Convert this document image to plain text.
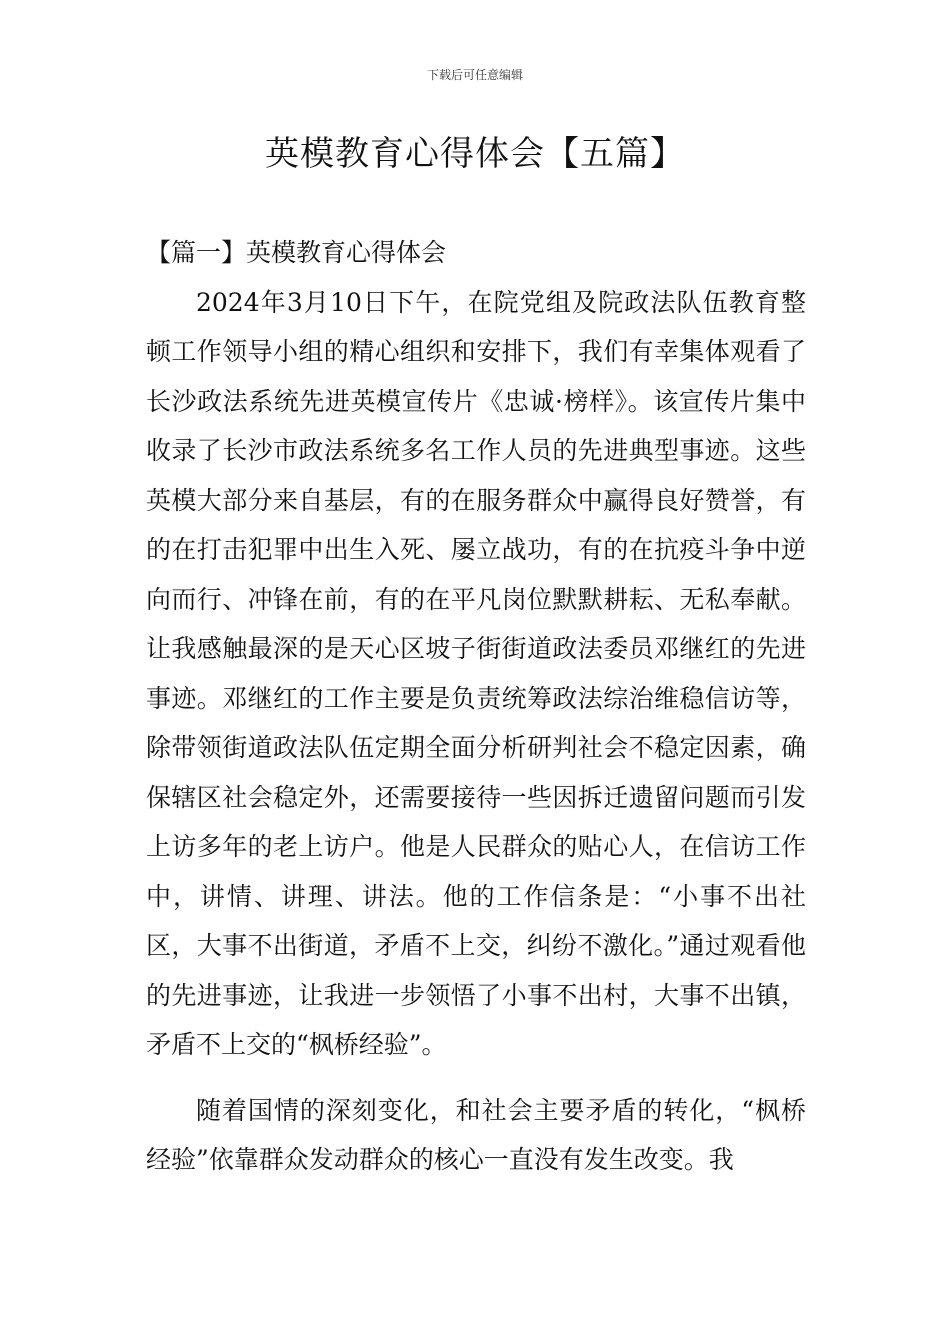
下载后可任意编辑
英模教育心得体会【五篇】

【篇一】英模教育心得体会

2024年3月10日下午，在院党组及院政法队伍教育整顿工作领导小组的精心组织和安排下，我们有幸集体观看了长沙政法系统先进英模宣传片《忠诚·榜样》。该宣传片集中收录了长沙市政法系统多名工作人员的先进典型事迹。这些英模大部分来自基层，有的在服务群众中赢得良好赞誉，有的在打击犯罪中出生入死、屡立战功，有的在抗疫斗争中逆向而行、冲锋在前，有的在平凡岗位默默耕耘、无私奉献。让我感触最深的是天心区坡子街街道政法委员邓继红的先进事迹。邓继红的工作主要是负责统筹政法综治维稳信访等，除带领街道政法队伍定期全面分析研判社会不稳定因素，确保辖区社会稳定外，还需要接待一些因拆迁遗留问题而引发上访多年的老上访户。他是人民群众的贴心人，在信访工作中，讲情、讲理、讲法。他的工作信条是：“小事不出社区，大事不出街道，矛盾不上交，纠纷不激化。”通过观看他的先进事迹，让我进一步领悟了小事不出村，大事不出镇，矛盾不上交的“枫桥经验”。

随着国情的深刻变化，和社会主要矛盾的转化，“枫桥经验”依靠群众发动群众的核心一直没有发生改变。我
